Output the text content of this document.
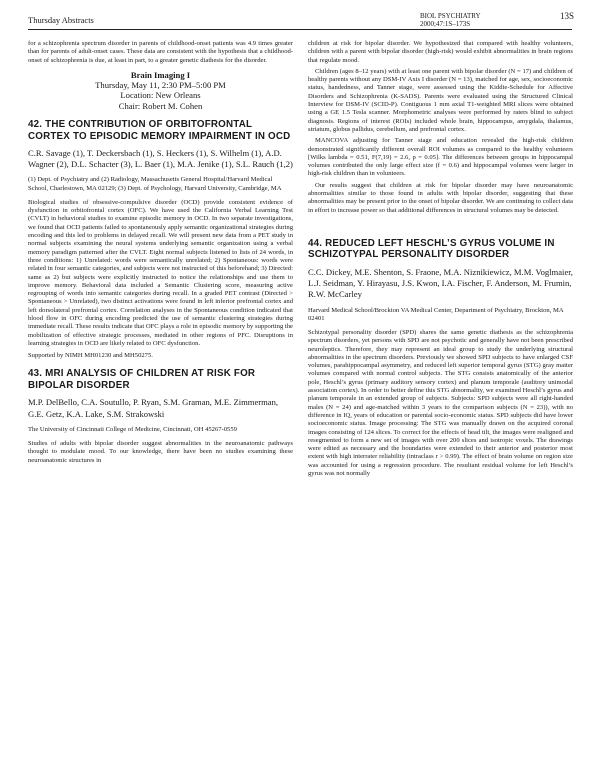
Thursday Abstracts	BIOL PSYCHIATRY
2000;47:1S–173S
13S

for a schizophrenia spectrum disorder in parents of childhood-onset patients was 4.9 times greater than for parents of adult-onset cases. These data are consistent with the hypothesis that a childhood-onset of schizophrenia is due, at least in part, to a greater genetic diathesis for the disorder.

Brain Imaging I
Thursday, May 11, 2:30 PM–5:00 PM
Location: New Orleans
Chair: Robert M. Cohen
42. THE CONTRIBUTION OF ORBITOFRONTAL CORTEX TO EPISODIC MEMORY IMPAIRMENT IN OCD
C.R. Savage (1), T. Deckersbach (1), S. Heckers (1), S. Wilhelm (1), A.D. Wagner (2), D.L. Schacter (3), L. Baer (1), M.A. Jenike (1), S.L. Rauch (1,2)
(1) Dept. of Psychiatry and (2) Radiology, Massachusetts General Hospital/Harvard Medical School, Charlestown, MA 02129; (3) Dept. of Psychology, Harvard University, Cambridge, MA

Biological studies of obsessive-compulsive disorder (OCD) provide consistent evidence of dysfunction in orbitofrontal cortex (OFC). We have used the California Verbal Learning Test (CVLT) in behavioral studies to examine episodic memory in OCD. In two separate investigations, we found that OCD patients failed to spontaneously apply semantic organizational strategies during encoding and this led to problems in delayed recall. We will present new data from a PET study in normal subjects examining the neural systems underlying semantic organization using a verbal memory paradigm patterned after the CVLT. Eight normal subjects listened to lists of 24 words, in three conditions: 1) Unrelated: words were semantically unrelated; 2) Spontaneous: words were related in four semantic categories, and subjects were not instructed of this beforehand; 3) Directed: same as 2) but subjects were explicitly instructed to notice the relationships and use them to improve memory. Behavioral data included a Semantic Clustering score, measuring active regrouping of words into semantic categories during recall. In a graded PET contrast (Directed > Spontaneous > Unrelated), two distinct activations were found in left inferior prefrontal cortex and left dorsolateral prefrontal cortex. Correlation analyses in the Spontaneous condition indicated that blood flow in OFC during encoding predicted the use of semantic clustering strategies during immediate recall. These results indicate that OFC plays a role in episodic memory by supporting the mobilization of effective strategic processes, mediated in other regions of PFC. Disruptions in learning strategies in OCD are likely related to OFC dysfunction.

Supported by NIMH MH01230 and MH50275.
43. MRI ANALYSIS OF CHILDREN AT RISK FOR BIPOLAR DISORDER
M.P. DelBello, C.A. Soutullo, P. Ryan, S.M. Graman, M.E. Zimmerman, G.E. Getz, K.A. Lake, S.M. Strakowski
The University of Cincinnati College of Medicine, Cincinnati, OH 45267-0559

Studies of adults with bipolar disorder suggest abnormalities in the neuroanatomic pathways thought to modulate mood. To our knowledge, there have been no studies examining these neuroanatomic structures in

children at risk for bipolar disorder. We hypothesized that compared with healthy volunteers, children with a parent with bipolar disorder (high-risk) would exhibit abnormalities in brain regions that regulate mood.

Children (ages 8–12 years) with at least one parent with bipolar disorder (N = 17) and children of healthy parents without any DSM-IV Axis I disorder (N = 13), matched for age, sex, socioeconomic status, handedness, and Tanner stage, were assessed using the Kiddie-Schedule for Affective Disorders and Schizophrenia (K-SADS). Parents were evaluated using the Structured Clinical Interview for DSM-IV (SCID-P). Contiguous 1 mm axial T1-weighted MRI slices were obtained using a GE 1.5 Tesla scanner. Morphometric analyses were performed by raters blind to subject diagnosis. Regions of interest (ROIs) included whole brain, hippocampus, amygdala, thalamus, striatum, globus pallidus, cerebellum, and prefrontal cortex.

MANCOVA adjusting for Tanner stage and education revealed the high-risk children demonstrated significantly different overall ROI volumes as compared to the healthy volunteers [Wilks lambda = 0.51, F(7,19) = 2.6, p = 0.05]. The differences between groups in hippocampal volumes contributed the only large effect size (f = 0.6) and hippocampal volumes were larger in high-risk children than in volunteers.

Our results suggest that children at risk for bipolar disorder may have neuroanatomic abnormalities similar to those found in adults with bipolar disorder, suggesting that these abnormalities may be present prior to the onset of bipolar disorder. We are continuing to collect data in effort to increase power so that additional differences in structural volumes may be detected.

44. REDUCED LEFT HESCHL’S GYRUS VOLUME IN SCHIZOTYPAL PERSONALITY DISORDER
C.C. Dickey, M.E. Shenton, S. Fraone, M.A. Niznikiewicz, M.M. Voglmaier, L.J. Seidman, Y. Hirayasu, J.S. Kwon, I.A. Fischer, F. Anderson, M. Frumin, R.W. McCarley
Harvard Medical School/Brockton VA Medical Center, Department of Psychiatry, Brockton, MA 02401

Schizotypal personality disorder (SPD) shares the same genetic diathesis as the schizophrenia spectrum disorders, yet persons with SPD are not psychotic and generally have not been prescribed neuroleptics. Therefore, they may represent an ideal group to study the underlying structural abnormalities in the spectrum disorders. Previously we showed SPD subjects to have enlarged CSF volumes, parahippocampal asymmetry, and reduced left superior temporal gyrus (STG) gray matter volumes compared with normal control subjects. The STG consists anatomically of the anterior pole, Heschl’s gyrus (primary auditory sensory cortex) and planum temporale (auditory unimodal association cortex). In order to better define this STG abnormality, we examined Heschl’s gyrus and planum temporale in an extended group of subjects. Subjects: SPD subjects were all right-handed males (N = 24) and age-matched within 3 years to the comparison subjects (N = 23)), with no difference in IQ, years of education or parental socio-economic status. SPD subjects did have lower socioeconomic status. Image processing: The STG was manually drawn on the acquired coronal images consisting of 124 slices. To correct for the effects of head tilt, the images were realigned and resegmented to form a new set of images with over 200 slices and isotropic voxels. The drawings were edited as necessary and the boundaries were extended to their anterior and posterior most extent with high interrater reliability (intraclass r > 0.99). The effect of brain volume on region size was accounted for using a regression procedure. The resultant residual volume for left Heschl’s gyrus was not normally
